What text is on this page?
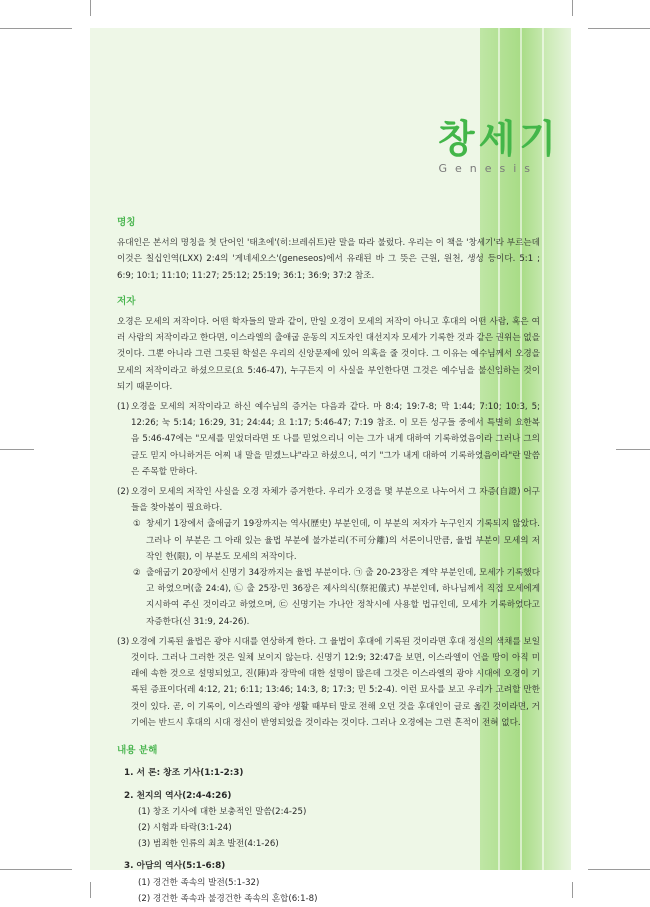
창세기
Genesis
명칭

유대인은 본서의 명칭을 첫 단어인 '태초에'(히:브레쉬트)란 말을 따라 불렀다. 우리는 이 책을 '창세기'라 부르는데 이것은 칠십인역(LXX) 2:4의 '게네세오스'(geneseos)에서 유래된 바 그 뜻은 근원, 원천, 생성 등이다. 5:1 ; 6:9; 10:1; 11:10; 11:27; 25:12; 25:19; 36:1; 36:9; 37:2 참조.

저자

오경은 모세의 저작이다. 어떤 학자들의 말과 같이, 만일 오경이 모세의 저작이 아니고 후대의 어떤 사람, 혹은 여러 사람의 저작이라고 한다면, 이스라엘의 출애굽 운동의 지도자인 대선지자 모세가 기록한 것과 같은 권위는 없을 것이다. 그뿐 아니라 그런 그릇된 학설은 우리의 신앙문제에 있어 의혹을 줄 것이다. 그 이유는 예수님께서 오경을 모세의 저작이라고 하셨으므로(요 5:46-47), 누구든지 이 사실을 부인한다면 그것은 예수님을 불신임하는 것이 되기 때문이다.

(1) 오경을 모세의 저작이라고 하신 예수님의 증거는 다음과 같다. 마 8:4; 19:7-8; 막 1:44; 7:10; 10:3, 5; 12:26; 눅 5:14; 16:29, 31; 24:44; 요 1:17; 5:46-47; 7:19 참조. 이 모든 성구들 중에서 특별히 요한복음 5:46-47에는 "모세를 믿었더라면 또 나를 믿었으리니 이는 그가 내게 대하여 기록하였음이라 그러나 그의 글도 믿지 아니하거든 어찌 내 말을 믿겠느냐"라고 하셨으니, 여기 "그가 내게 대하여 기록하였음이라"란 말씀은 주목할 만하다.
(2) 오경이 모세의 저작인 사실을 오경 자체가 증거한다. 우리가 오경을 몇 부분으로 나누어서 그 자증(自證) 어구들을 찾아봄이 필요하다.
① 창세기 1장에서 출애굽기 19장까지는 역사(歷史) 부분인데, 이 부분의 저자가 누구인지 기록되지 않았다. 그러나 이 부분은 그 아래 있는 율법 부분에 불가분리(不可分離)의 서론이니만큼, 율법 부분이 모세의 저작인 한(限), 이 부분도 모세의 저작이다.
② 출애굽기 20장에서 신명기 34장까지는 율법 부분이다. ㉠ 출 20-23장은 계약 부분인데, 모세가 기록했다고 하였으며(출 24:4), ㉡ 출 25장-민 36장은 제사의식(祭祀儀式) 부분인데, 하나님께서 직접 모세에게 지시하여 주신 것이라고 하였으며, ㉢ 신명기는 가나안 정착시에 사용할 법규인데, 모세가 기록하였다고 자증한다(신 31:9, 24-26).
(3) 오경에 기록된 율법은 광야 시대를 연상하게 한다. 그 율법이 후대에 기록된 것이라면 후대 정신의 색채를 보일 것이다. 그러나 그러한 것은 일체 보이지 않는다. 신명기 12:9; 32:47을 보면, 이스라엘이 언을 땅이 아직 미래에 속한 것으로 설명되었고, 진(陣)과 장막에 대한 설명이 많은데 그것은 이스라엘의 광야 시대에 오경이 기록된 증표이다(레 4:12, 21; 6:11; 13:46; 14:3, 8; 17:3; 민 5:2-4). 이런 묘사를 보고 우리가 고려할 만한 것이 있다. 곧, 이 기록이, 이스라엘의 광야 생활 때부터 말로 전해 오던 것을 후대인이 글로 옮긴 것이라면, 거기에는 반드시 후대의 시대 정신이 반영되었을 것이라는 것이다. 그러나 오경에는 그런 흔적이 전혀 없다.
내용 분해
1. 서 론: 창조 기사(1:1-2:3)
2. 천지의 역사(2:4-4:26)
(1) 창조 기사에 대한 보충적인 말씀(2:4-25)
(2) 시험과 타락(3:1-24)
(3) 범죄한 인류의 최초 발전(4:1-26)
3. 아담의 역사(5:1-6:8)
(1) 경건한 족속의 발전(5:1-32)
(2) 경건한 족속과 불경건한 족속의 혼합(6:1-8)
